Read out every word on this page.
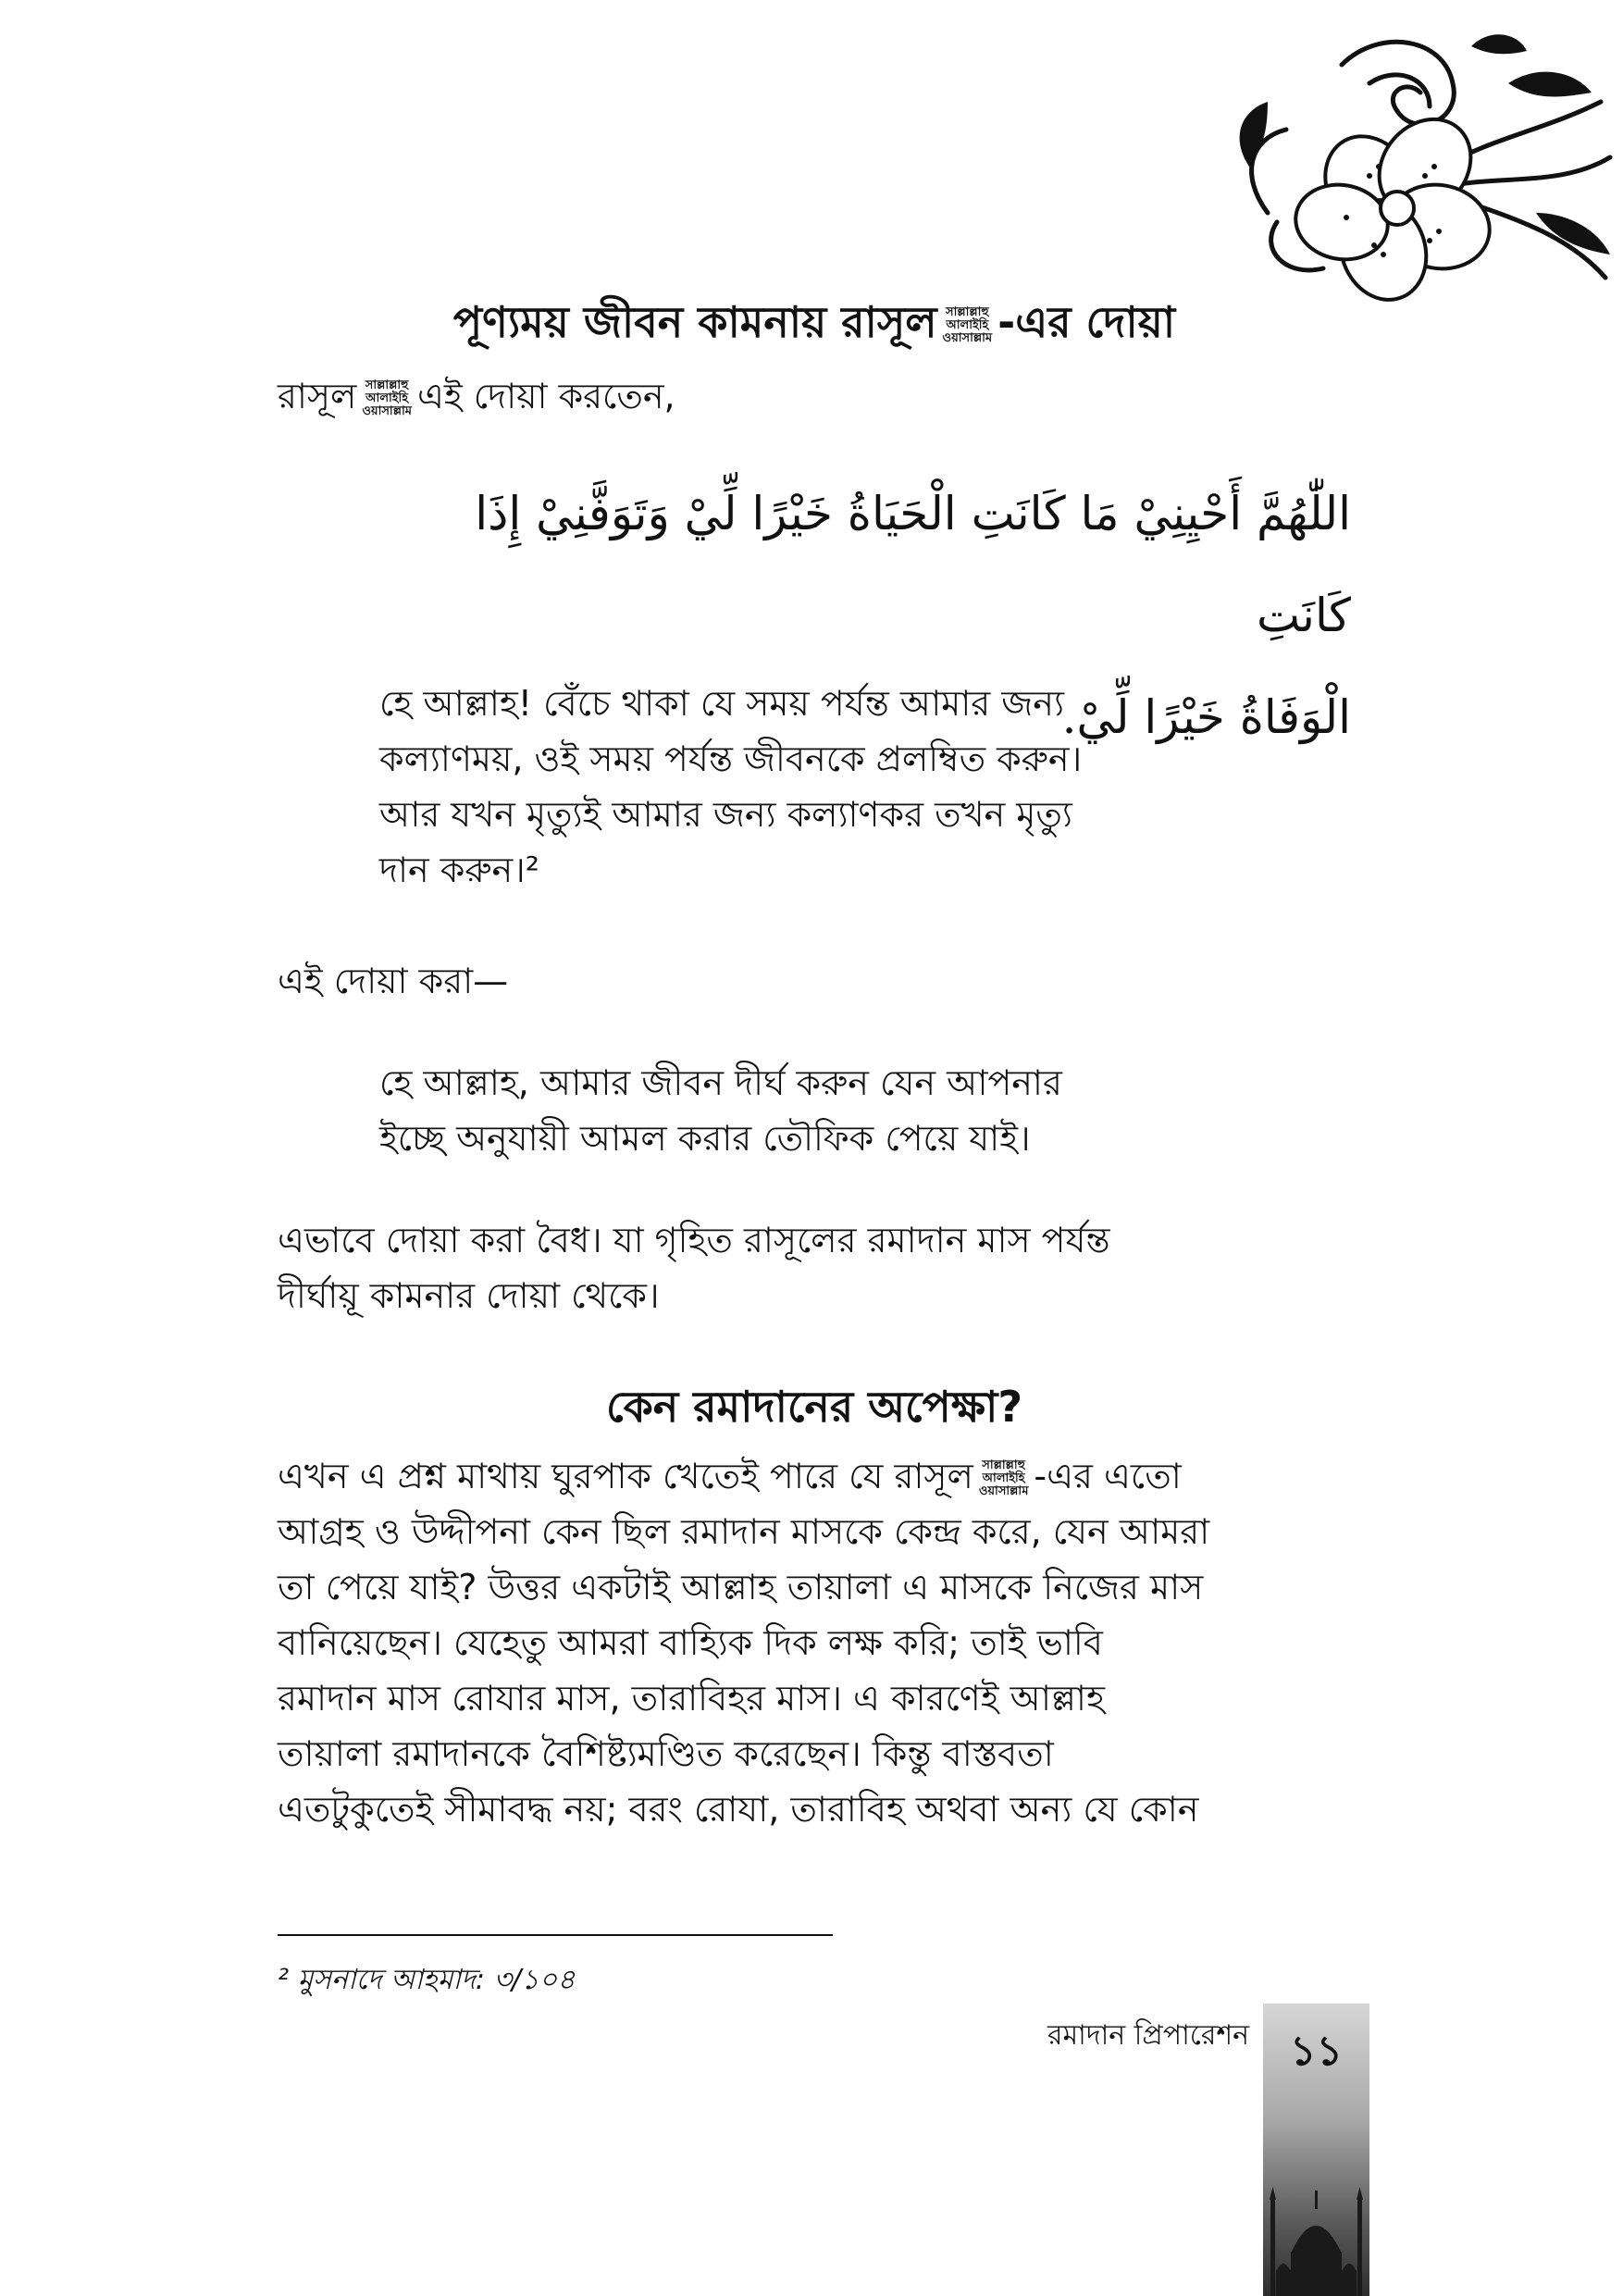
পূণ্যময় জীবন কামনায় রাসূল সাল্লাল্লাহু
আলাইহি
ওয়াসাল্লাম -এর দোয়া

রাসূল সাল্লাল্লাহু
আলাইহি
ওয়াসাল্লাম এই দোয়া করতেন,

اللّٰهُمَّ أَحْيِنِيْ مَا كَانَتِ الْحَيَاةُ خَيْرًا لِّيْ وَتَوَفَّنِيْ إِذَا كَانَتِ
الْوَفَاةُ خَيْرًا لِّيْ.

হে আল্লাহ! বেঁচে থাকা যে সময় পর্যন্ত আমার জন্য
কল্যাণময়, ওই সময় পর্যন্ত জীবনকে প্রলম্বিত করুন।
আর যখন মৃত্যুই আমার জন্য কল্যাণকর তখন মৃত্যু
দান করুন।²

এই দোয়া করা—

হে আল্লাহ, আমার জীবন দীর্ঘ করুন যেন আপনার
ইচ্ছে অনুযায়ী আমল করার তৌফিক পেয়ে যাই।

এভাবে দোয়া করা বৈধ। যা গৃহিত রাসূলের রমাদান মাস পর্যন্ত
দীর্ঘায়ূ কামনার দোয়া থেকে।

কেন রমাদানের অপেক্ষা?

এখন এ প্রশ্ন মাথায় ঘুরপাক খেতেই পারে যে রাসূল সাল্লাল্লাহু
আলাইহি
ওয়াসাল্লাম -এর এতো
আগ্রহ ও উদ্দীপনা কেন ছিল রমাদান মাসকে কেন্দ্র করে, যেন আমরা
তা পেয়ে যাই? উত্তর একটাই আল্লাহ তায়ালা এ মাসকে নিজের মাস
বানিয়েছেন। যেহেতু আমরা বাহ্যিক দিক লক্ষ করি; তাই ভাবি
রমাদান মাস রোযার মাস, তারাবিহর মাস। এ কারণেই আল্লাহ
তায়ালা রমাদানকে বৈশিষ্ট্যমণ্ডিত করেছেন। কিন্তু বাস্তবতা
এতটুকুতেই সীমাবদ্ধ নয়; বরং রোযা, তারাবিহ অথবা অন্য যে কোন

² মুসনাদে আহমাদ: ৩/১০৪

রমাদান প্রিপারেশন ১১
